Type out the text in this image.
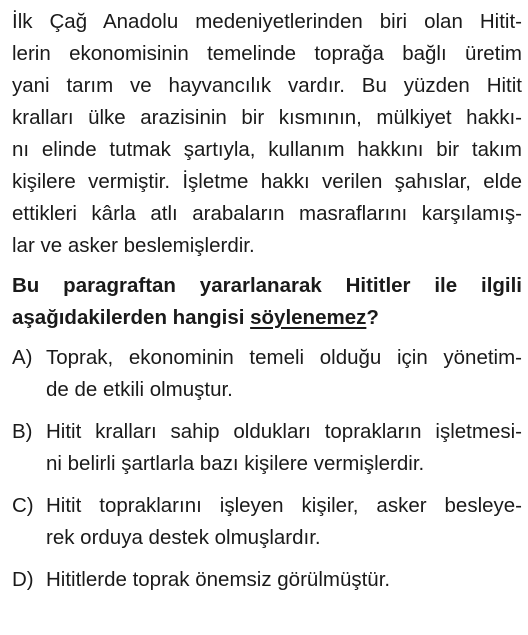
İlk Çağ Anadolu medeniyetlerinden biri olan Hitit-
lerin ekonomisinin temelinde toprağa bağlı üretim
yani tarım ve hayvancılık vardır. Bu yüzden Hitit
kralları ülke arazisinin bir kısmının, mülkiyet hakkı-
nı elinde tutmak şartıyla, kullanım hakkını bir takım
kişilere vermiştir. İşletme hakkı verilen şahıslar, elde
ettikleri kârla atlı arabaların masraflarını karşılamış-
lar ve asker beslemişlerdir.
Bu paragraftan yararlanarak Hititler ile ilgili
aşağıdakilerden hangisi söylenemez?
A) Toprak, ekonominin temeli olduğu için yönetim-
de de etkili olmuştur.
B) Hitit kralları sahip oldukları toprakların işletmesi-
ni belirli şartlarla bazı kişilere vermişlerdir.
C) Hitit topraklarını işleyen kişiler, asker besleye-
rek orduya destek olmuşlardır.
D) Hititlerde toprak önemsiz görülmüştür.
